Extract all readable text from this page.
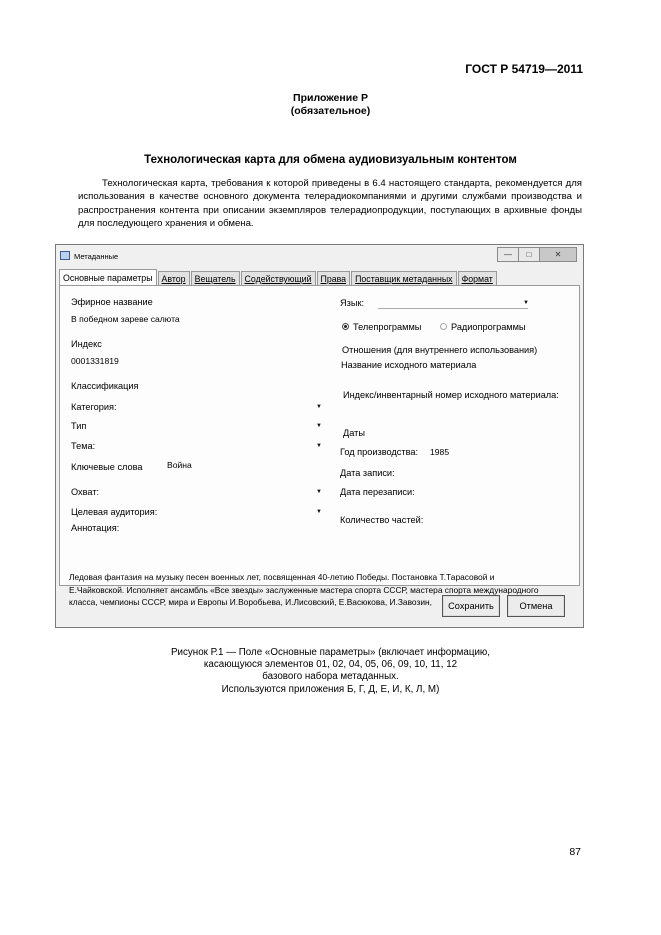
ГОСТ Р 54719—2011
Приложение Р
(обязательное)
Технологическая карта для обмена аудиовизуальным контентом
Технологическая карта, требования к которой приведены в 6.4 настоящего стандарта, рекомендуется для использования в качестве основного документа телерадиокомпаниями и другими службами производства и распространения контента при описании экземпляров телерадиопродукции, поступающих в архивные фонды для последующего хранения и обмена.
Метаданные	—	□	✕
Основные параметры	Автор	Вещатель	Содействующий	Права	Поставщик метаданных	Формат
Эфирное название
В победном зареве салюта
Индекс
0001331819
Классификация
Категория:	▼
Тип	▼
Тема:	▼
Ключевые слова	Война
Охват:	▼
Целевая аудитория:	▼
Аннотация:
Язык:	▼
Телепрограммы	Радиопрограммы
Отношения (для внутреннего использования)
Название исходного материала
Индекс/инвентарный номер исходного материала:
Даты
Год производства: 1985
Дата записи:
Дата перезаписи:
Количество частей:
Ледовая фантазия на музыку песен военных лет, посвященная 40-летию Победы. Постановка Т.Тарасовой и Е.Чайковской. Исполняет ансамбль «Все звезды» заслуженные мастера спорта СССР, мастера спорта международного класса, чемпионы СССР, мира и Европы И.Воробьева, И.Лисовский, Е.Васюкова, И.Завозин,	Сохранить	Отмена
Рисунок Р.1 — Поле «Основные параметры» (включает информацию,
касающуюся элементов 01, 02, 04, 05, 06, 09, 10, 11, 12
базового набора метаданных.
Используются приложения Б, Г, Д, Е, И, К, Л, М)
87
